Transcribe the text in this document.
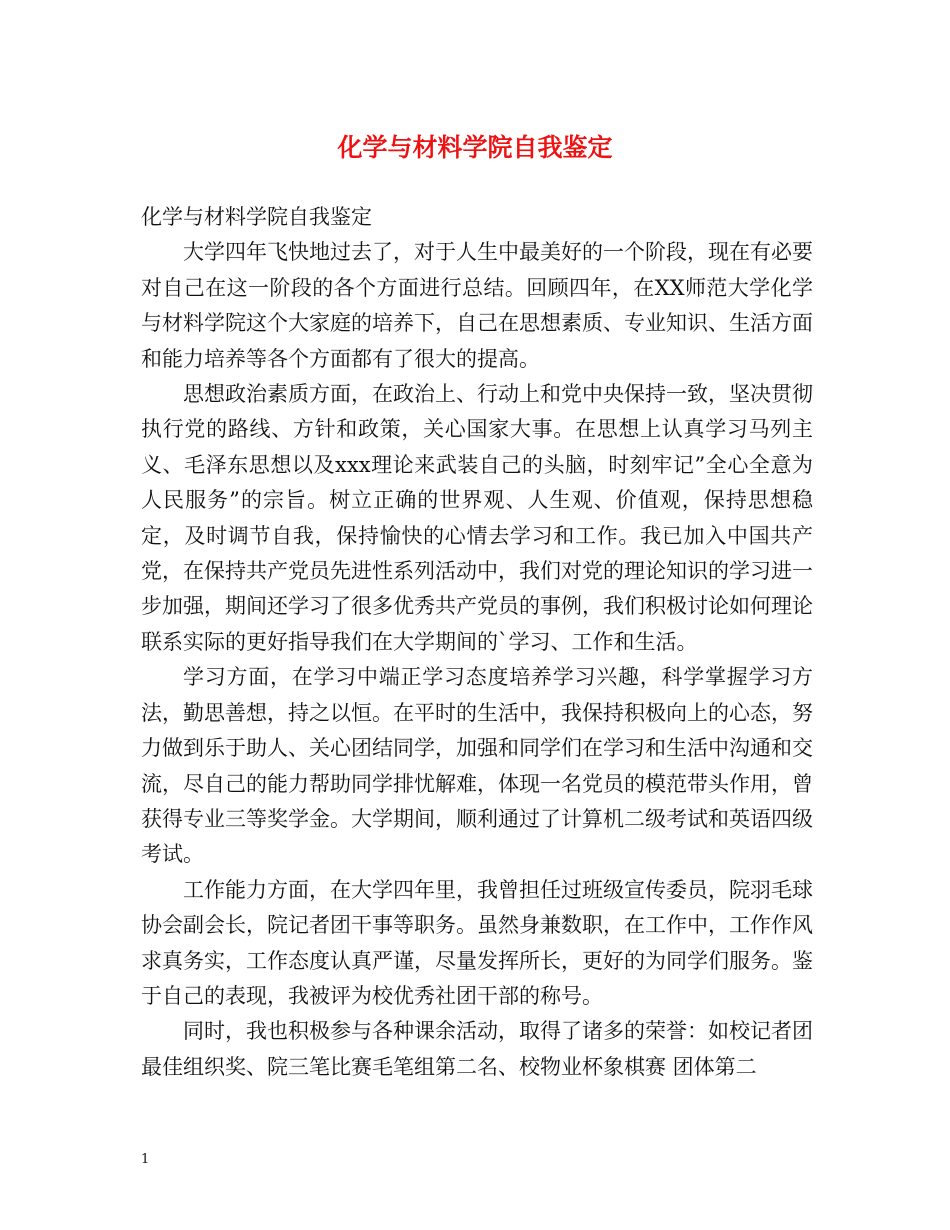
化学与材料学院自我鉴定

化学与材料学院自我鉴定

大学四年飞快地过去了，对于人生中最美好的一个阶段，现在有必要对自己在这一阶段的各个方面进行总结。回顾四年，在XX师范大学化学与材料学院这个大家庭的培养下，自己在思想素质、专业知识、生活方面和能力培养等各个方面都有了很大的提高。

思想政治素质方面，在政治上、行动上和党中央保持一致，坚决贯彻执行党的路线、方针和政策，关心国家大事。在思想上认真学习马列主义、毛泽东思想以及xxx理论来武装自己的头脑，时刻牢记”全心全意为人民服务”的宗旨。树立正确的世界观、人生观、价值观，保持思想稳定，及时调节自我，保持愉快的心情去学习和工作。我已加入中国共产党，在保持共产党员先进性系列活动中，我们对党的理论知识的学习进一步加强，期间还学习了很多优秀共产党员的事例，我们积极讨论如何理论联系实际的更好指导我们在大学期间的`学习、工作和生活。

学习方面，在学习中端正学习态度培养学习兴趣，科学掌握学习方法，勤思善想，持之以恒。在平时的生活中，我保持积极向上的心态，努力做到乐于助人、关心团结同学，加强和同学们在学习和生活中沟通和交流，尽自己的能力帮助同学排忧解难，体现一名党员的模范带头作用，曾获得专业三等奖学金。大学期间，顺利通过了计算机二级考试和英语四级考试。

工作能力方面，在大学四年里，我曾担任过班级宣传委员，院羽毛球协会副会长，院记者团干事等职务。虽然身兼数职，在工作中，工作作风求真务实，工作态度认真严谨，尽量发挥所长，更好的为同学们服务。鉴于自己的表现，我被评为校优秀社团干部的称号。

同时，我也积极参与各种课余活动，取得了诸多的荣誉：如校记者团最佳组织奖、院三笔比赛毛笔组第二名、校物业杯象棋赛 团体第二

1
